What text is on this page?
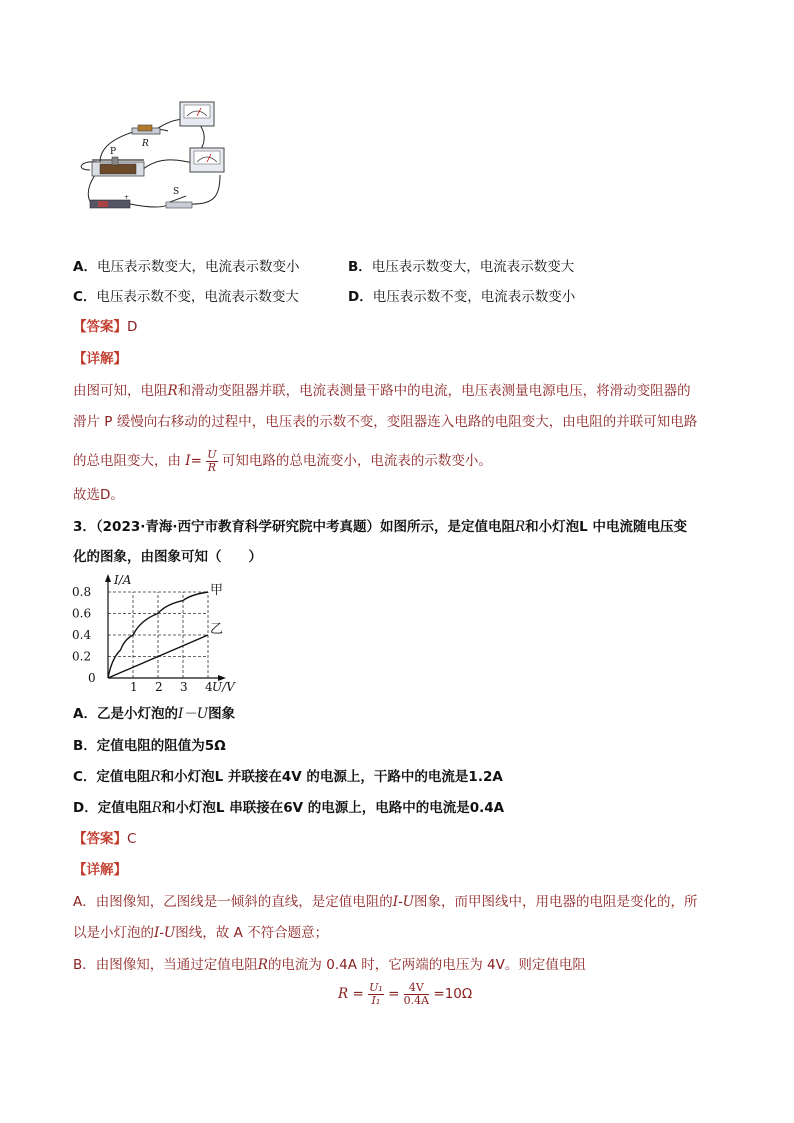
R
P
+
S
A．电压表示数变大，电流表示数变小	B．电压表示数变大，电流表示数变大
C．电压表示数不变，电流表示数变大	D．电压表示数不变，电流表示数变小
【答案】D
【详解】
由图可知，电阻R和滑动变阻器并联，电流表测量干路中的电流，电压表测量电源电压，将滑动变阻器的
滑片 P 缓慢向右移动的过程中，电压表的示数不变，变阻器连入电路的电阻变大，由电阻的并联可知电路
的总电阻变大，由 $I= \frac{U}{R}$ 可知电路的总电流变小，电流表的示数变小。
故选D。
3．（2023·青海·西宁市教育科学研究院中考真题）如图所示，是定值电阻R和小灯泡L 中电流随电压变
化的图象，由图象可知（　　）
1 2 3 4
0.2
0.4
0.6
0.8
0
I/A
U/V
甲
乙
A．乙是小灯泡的I－U图象
B．定值电阻的阻值为5Ω
C．定值电阻R和小灯泡L 并联接在4V 的电源上，干路中的电流是1.2A
D．定值电阻R和小灯泡L 串联接在6V 的电源上，电路中的电流是0.4A
【答案】C
【详解】
A．由图像知，乙图线是一倾斜的直线，是定值电阻的I-U图象，而甲图线中，用电器的电阻是变化的，所
以是小灯泡的I-U图线，故 A 不符合题意；
B．由图像知，当通过定值电阻R的电流为 0.4A 时，它两端的电压为 4V。则定值电阻
$R = \frac{\text{U₁}}{\text{I₁}} = \frac{4V}{0.4A} =10\Omega$
